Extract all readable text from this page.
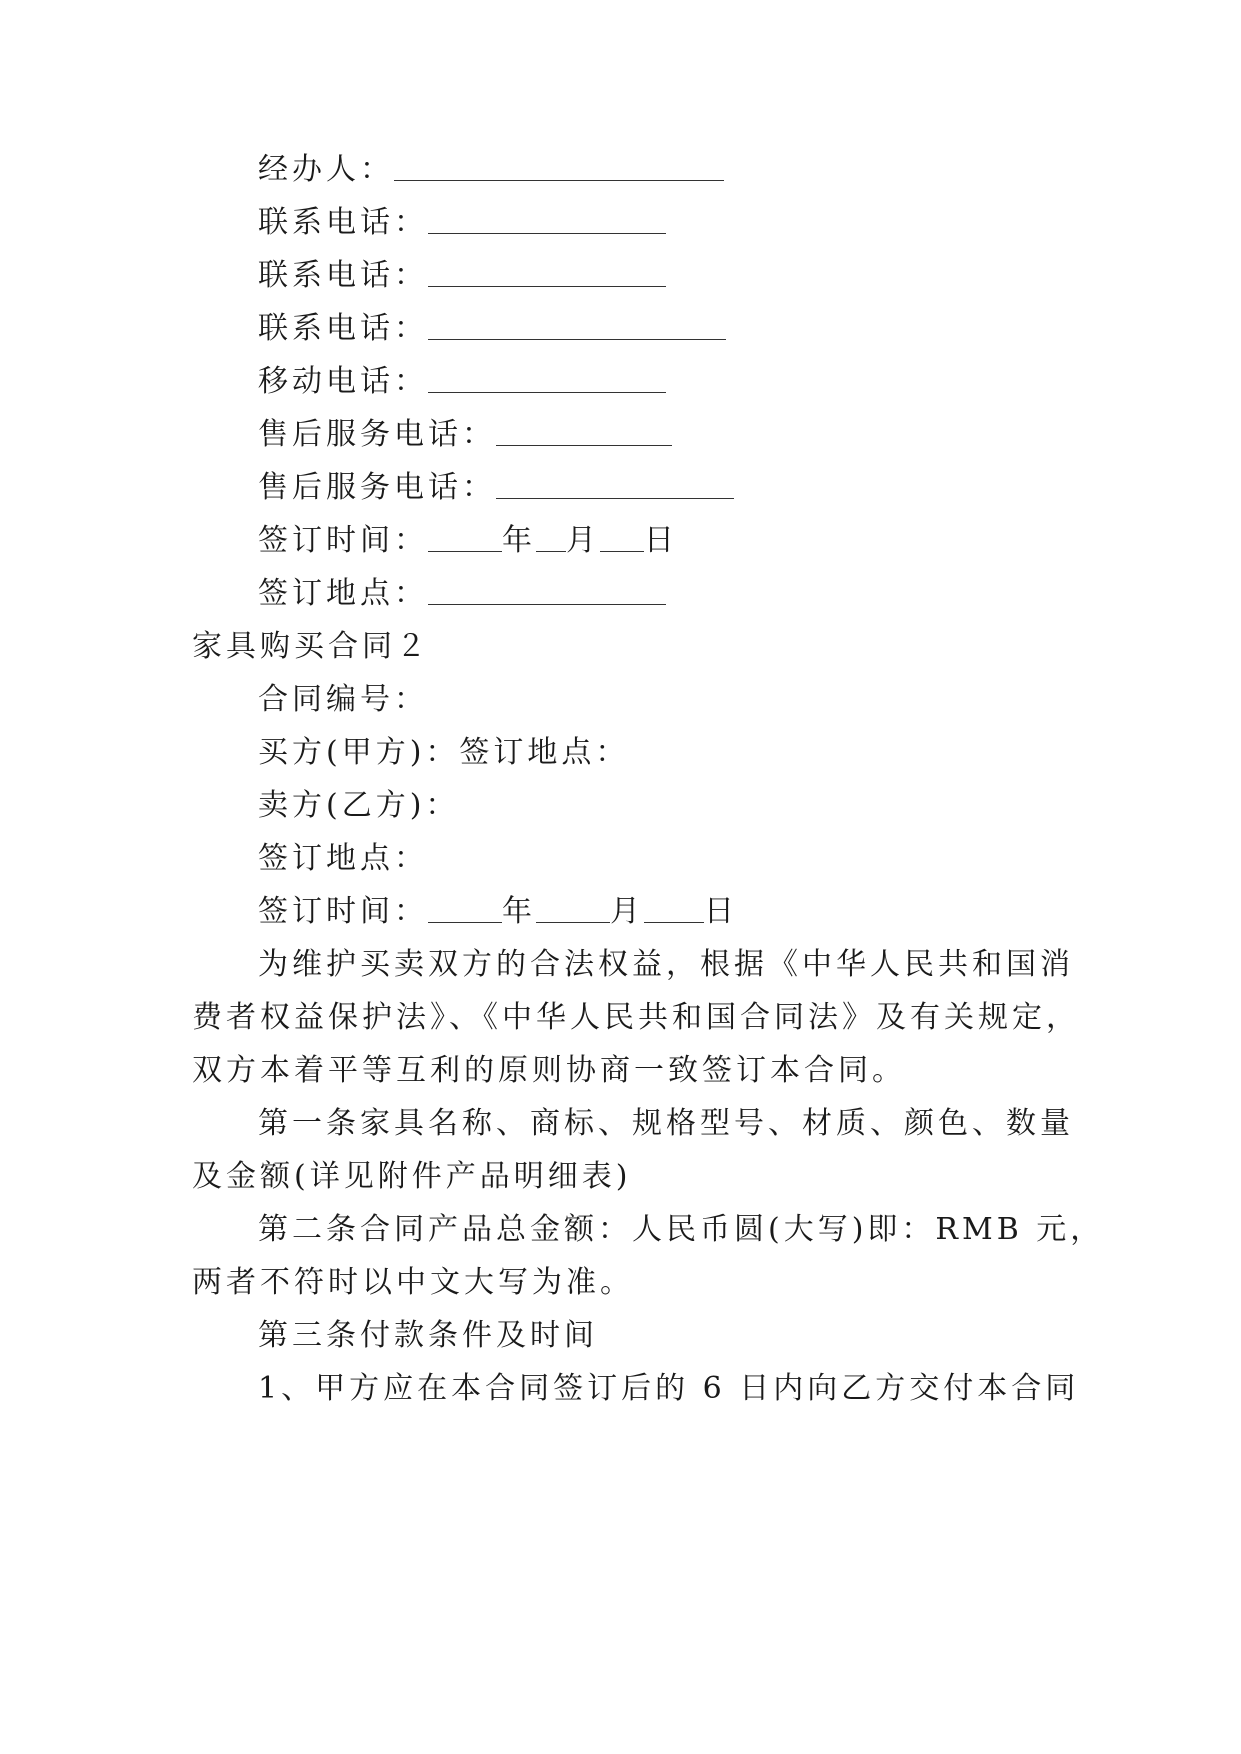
经办人：
联系电话：
联系电话：
联系电话：
移动电话：
售后服务电话：
售后服务电话：
签订时间： 年 月 日
签订地点：
家具购买合同２
合同编号：
买方(甲方)：签订地点：
卖方(乙方)：
签订地点：
签订时间： 年 月 日
为维护买卖双方的合法权益，根据《中华人民共和国消
费者权益保护法》、《中华人民共和国合同法》及有关规定，
双方本着平等互利的原则协商一致签订本合同。
第一条家具名称、商标、规格型号、材质、颜色、数量
及金额(详见附件产品明细表)
第二条合同产品总金额：人民币圆(大写)即：RMB 元，
两者不符时以中文大写为准。
第三条付款条件及时间
1、甲方应在本合同签订后的 6 日内向乙方交付本合同
